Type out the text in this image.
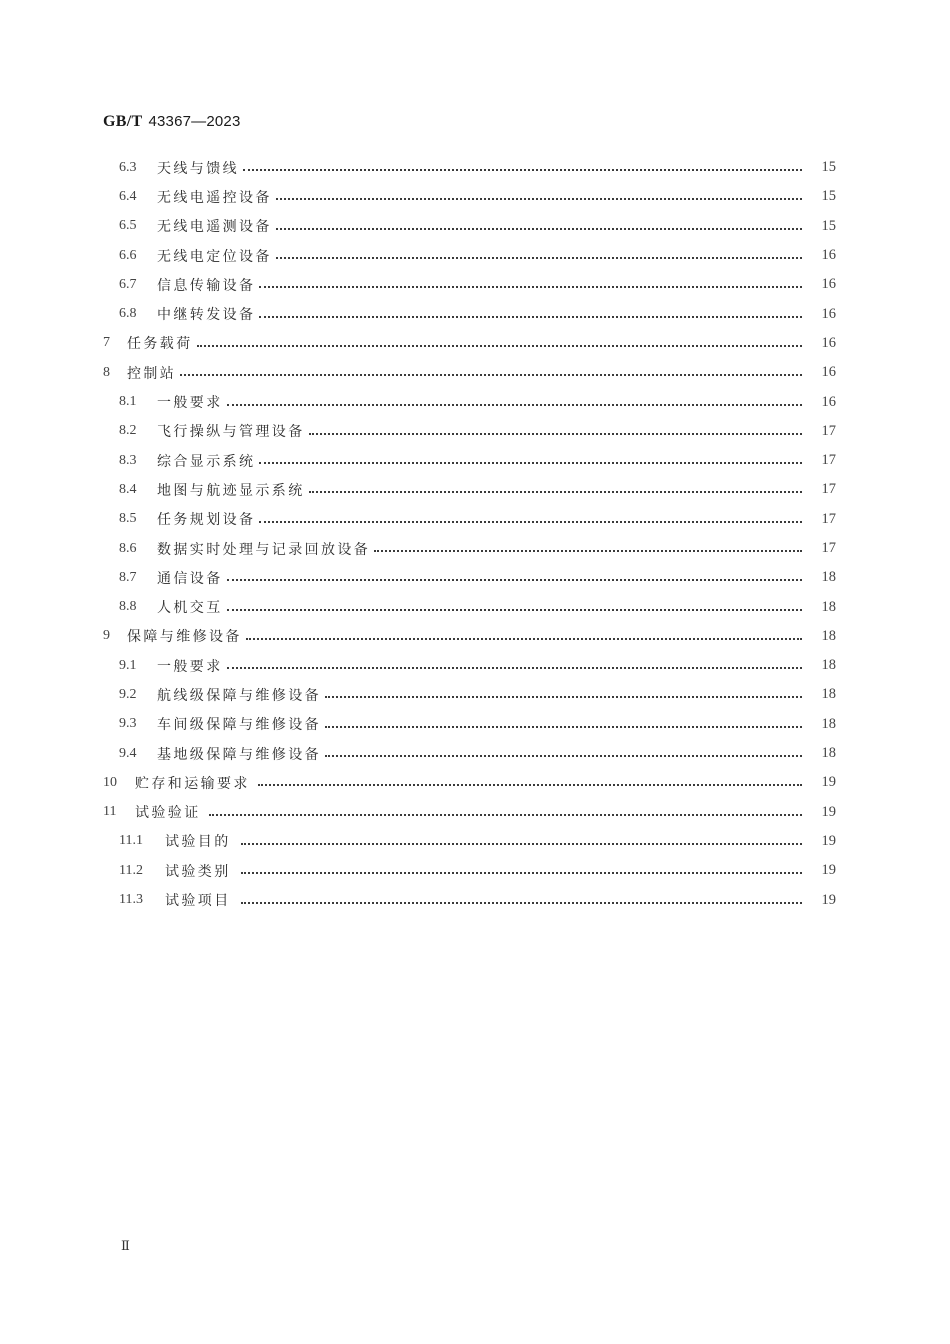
GB/T 43367—2023
6.3	天线与馈线	15
6.4	无线电遥控设备	15
6.5	无线电遥测设备	15
6.6	无线电定位设备	16
6.7	信息传输设备	16
6.8	中继转发设备	16
7	任务载荷	16
8	控制站	16
8.1	一般要求	16
8.2	飞行操纵与管理设备	17
8.3	综合显示系统	17
8.4	地图与航迹显示系统	17
8.5	任务规划设备	17
8.6	数据实时处理与记录回放设备	17
8.7	通信设备	18
8.8	人机交互	18
9	保障与维修设备	18
9.1	一般要求	18
9.2	航线级保障与维修设备	18
9.3	车间级保障与维修设备	18
9.4	基地级保障与维修设备	18
10	贮存和运输要求	19
11	试验验证	19
11.1	试验目的	19
11.2	试验类别	19
11.3	试验项目	19
Ⅱ
